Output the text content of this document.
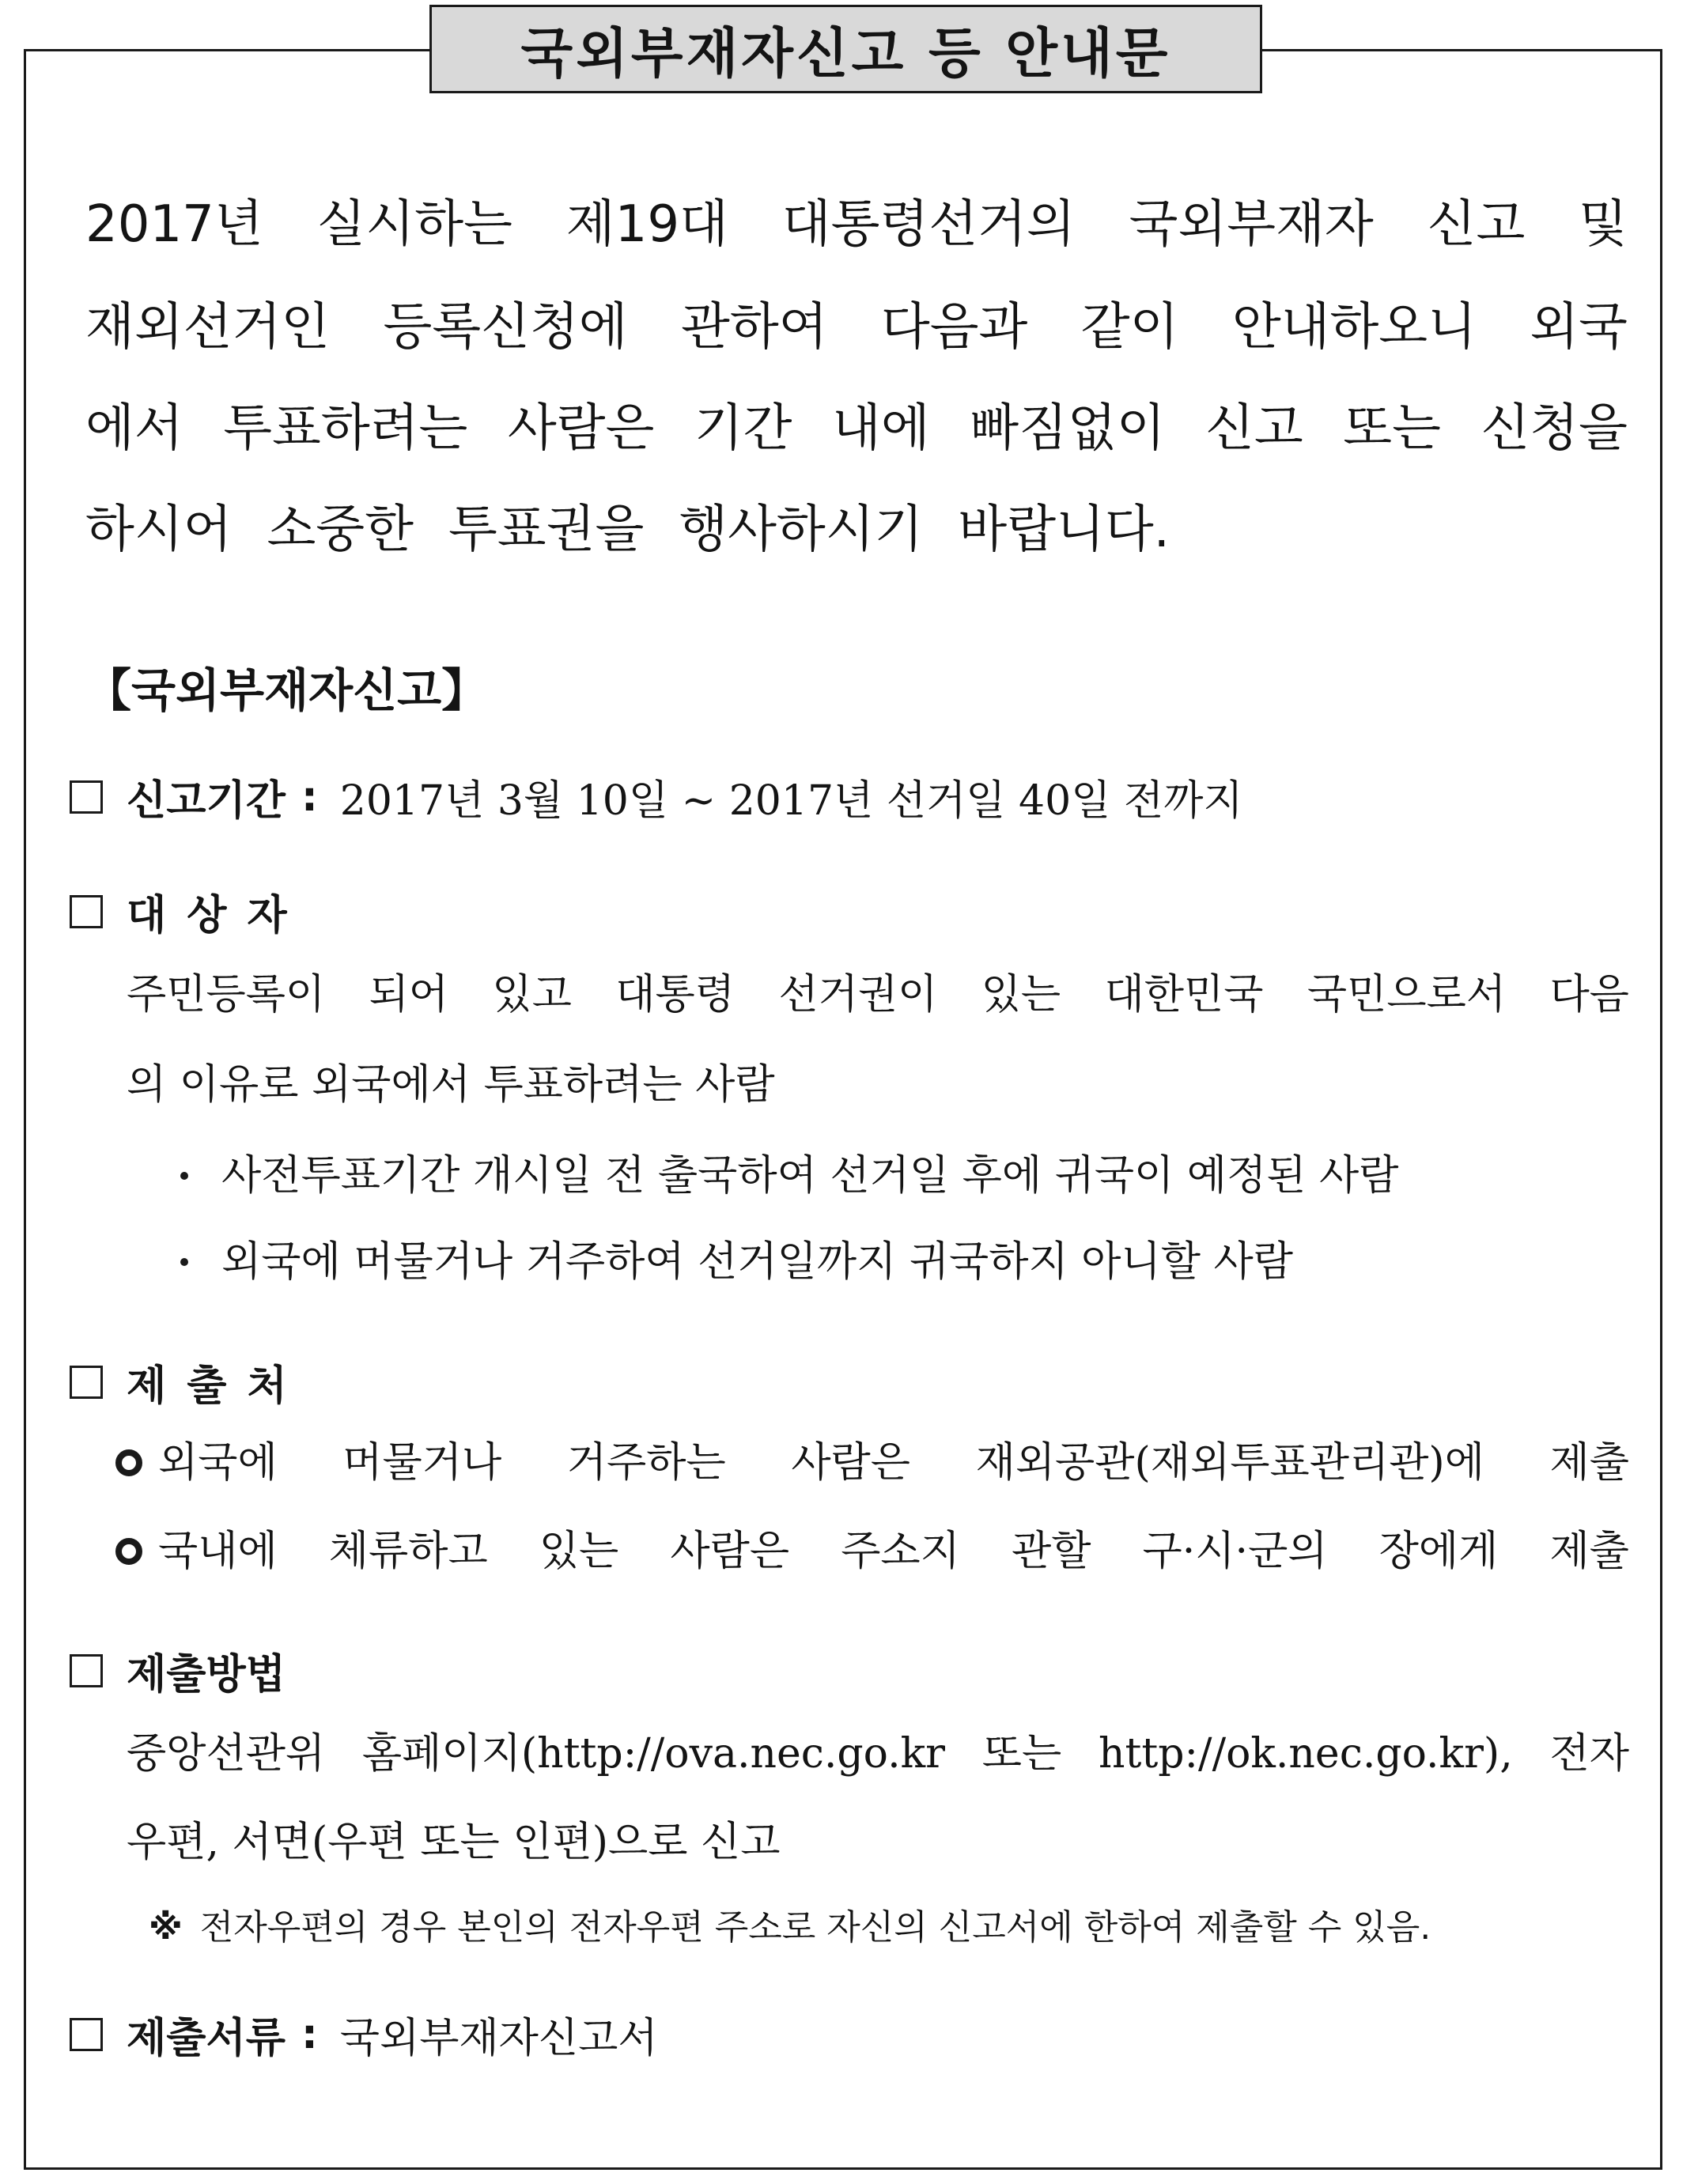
국외부재자신고 등 안내문
2017년 실시하는 제19대 대통령선거의 국외부재자 신고 및
재외선거인 등록신청에 관하여 다음과 같이 안내하오니 외국
에서 투표하려는 사람은 기간 내에 빠짐없이 신고 또는 신청을
하시어 소중한 투표권을 행사하시기 바랍니다.
【국외부재자신고】
신고기간 : 2017년 3월 10일 ~ 2017년 선거일 40일 전까지
대상자
주민등록이 되어 있고 대통령 선거권이 있는 대한민국 국민으로서 다음
의 이유로 외국에서 투표하려는 사람
사전투표기간 개시일 전 출국하여 선거일 후에 귀국이 예정된 사람
외국에 머물거나 거주하여 선거일까지 귀국하지 아니할 사람
제출처
외국에 머물거나 거주하는 사람은 재외공관(재외투표관리관)에 제출
국내에 체류하고 있는 사람은 주소지 관할 구·시·군의 장에게 제출
제출방법
중앙선관위 홈페이지(http://ova.nec.go.kr 또는 http://ok.nec.go.kr), 전자
우편, 서면(우편 또는 인편)으로 신고
※ 전자우편의 경우 본인의 전자우편 주소로 자신의 신고서에 한하여 제출할 수 있음.
제출서류 : 국외부재자신고서
